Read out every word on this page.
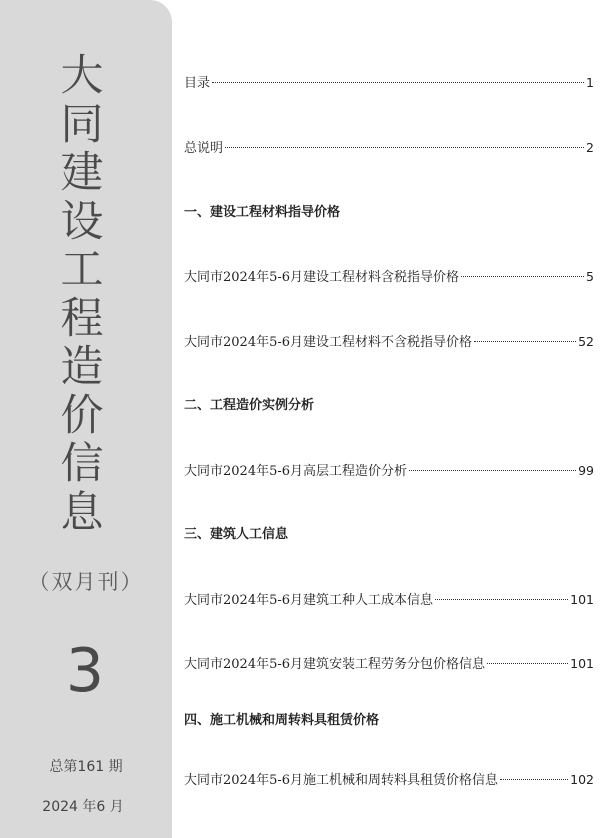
大
同
建
设
工
程
造
价
信
息
（双月刊）
3
总第161 期
2024 年6 月
目录	1
总说明	2
一、建设工程材料指导价格
大同市2024年5-6月建设工程材料含税指导价格	5
大同市2024年5-6月建设工程材料不含税指导价格	52
二、工程造价实例分析
大同市2024年5-6月高层工程造价分析	99
三、建筑人工信息
大同市2024年5-6月建筑工种人工成本信息	101
大同市2024年5-6月建筑安装工程劳务分包价格信息	101
四、施工机械和周转料具租赁价格
大同市2024年5-6月施工机械和周转料具租赁价格信息	102
